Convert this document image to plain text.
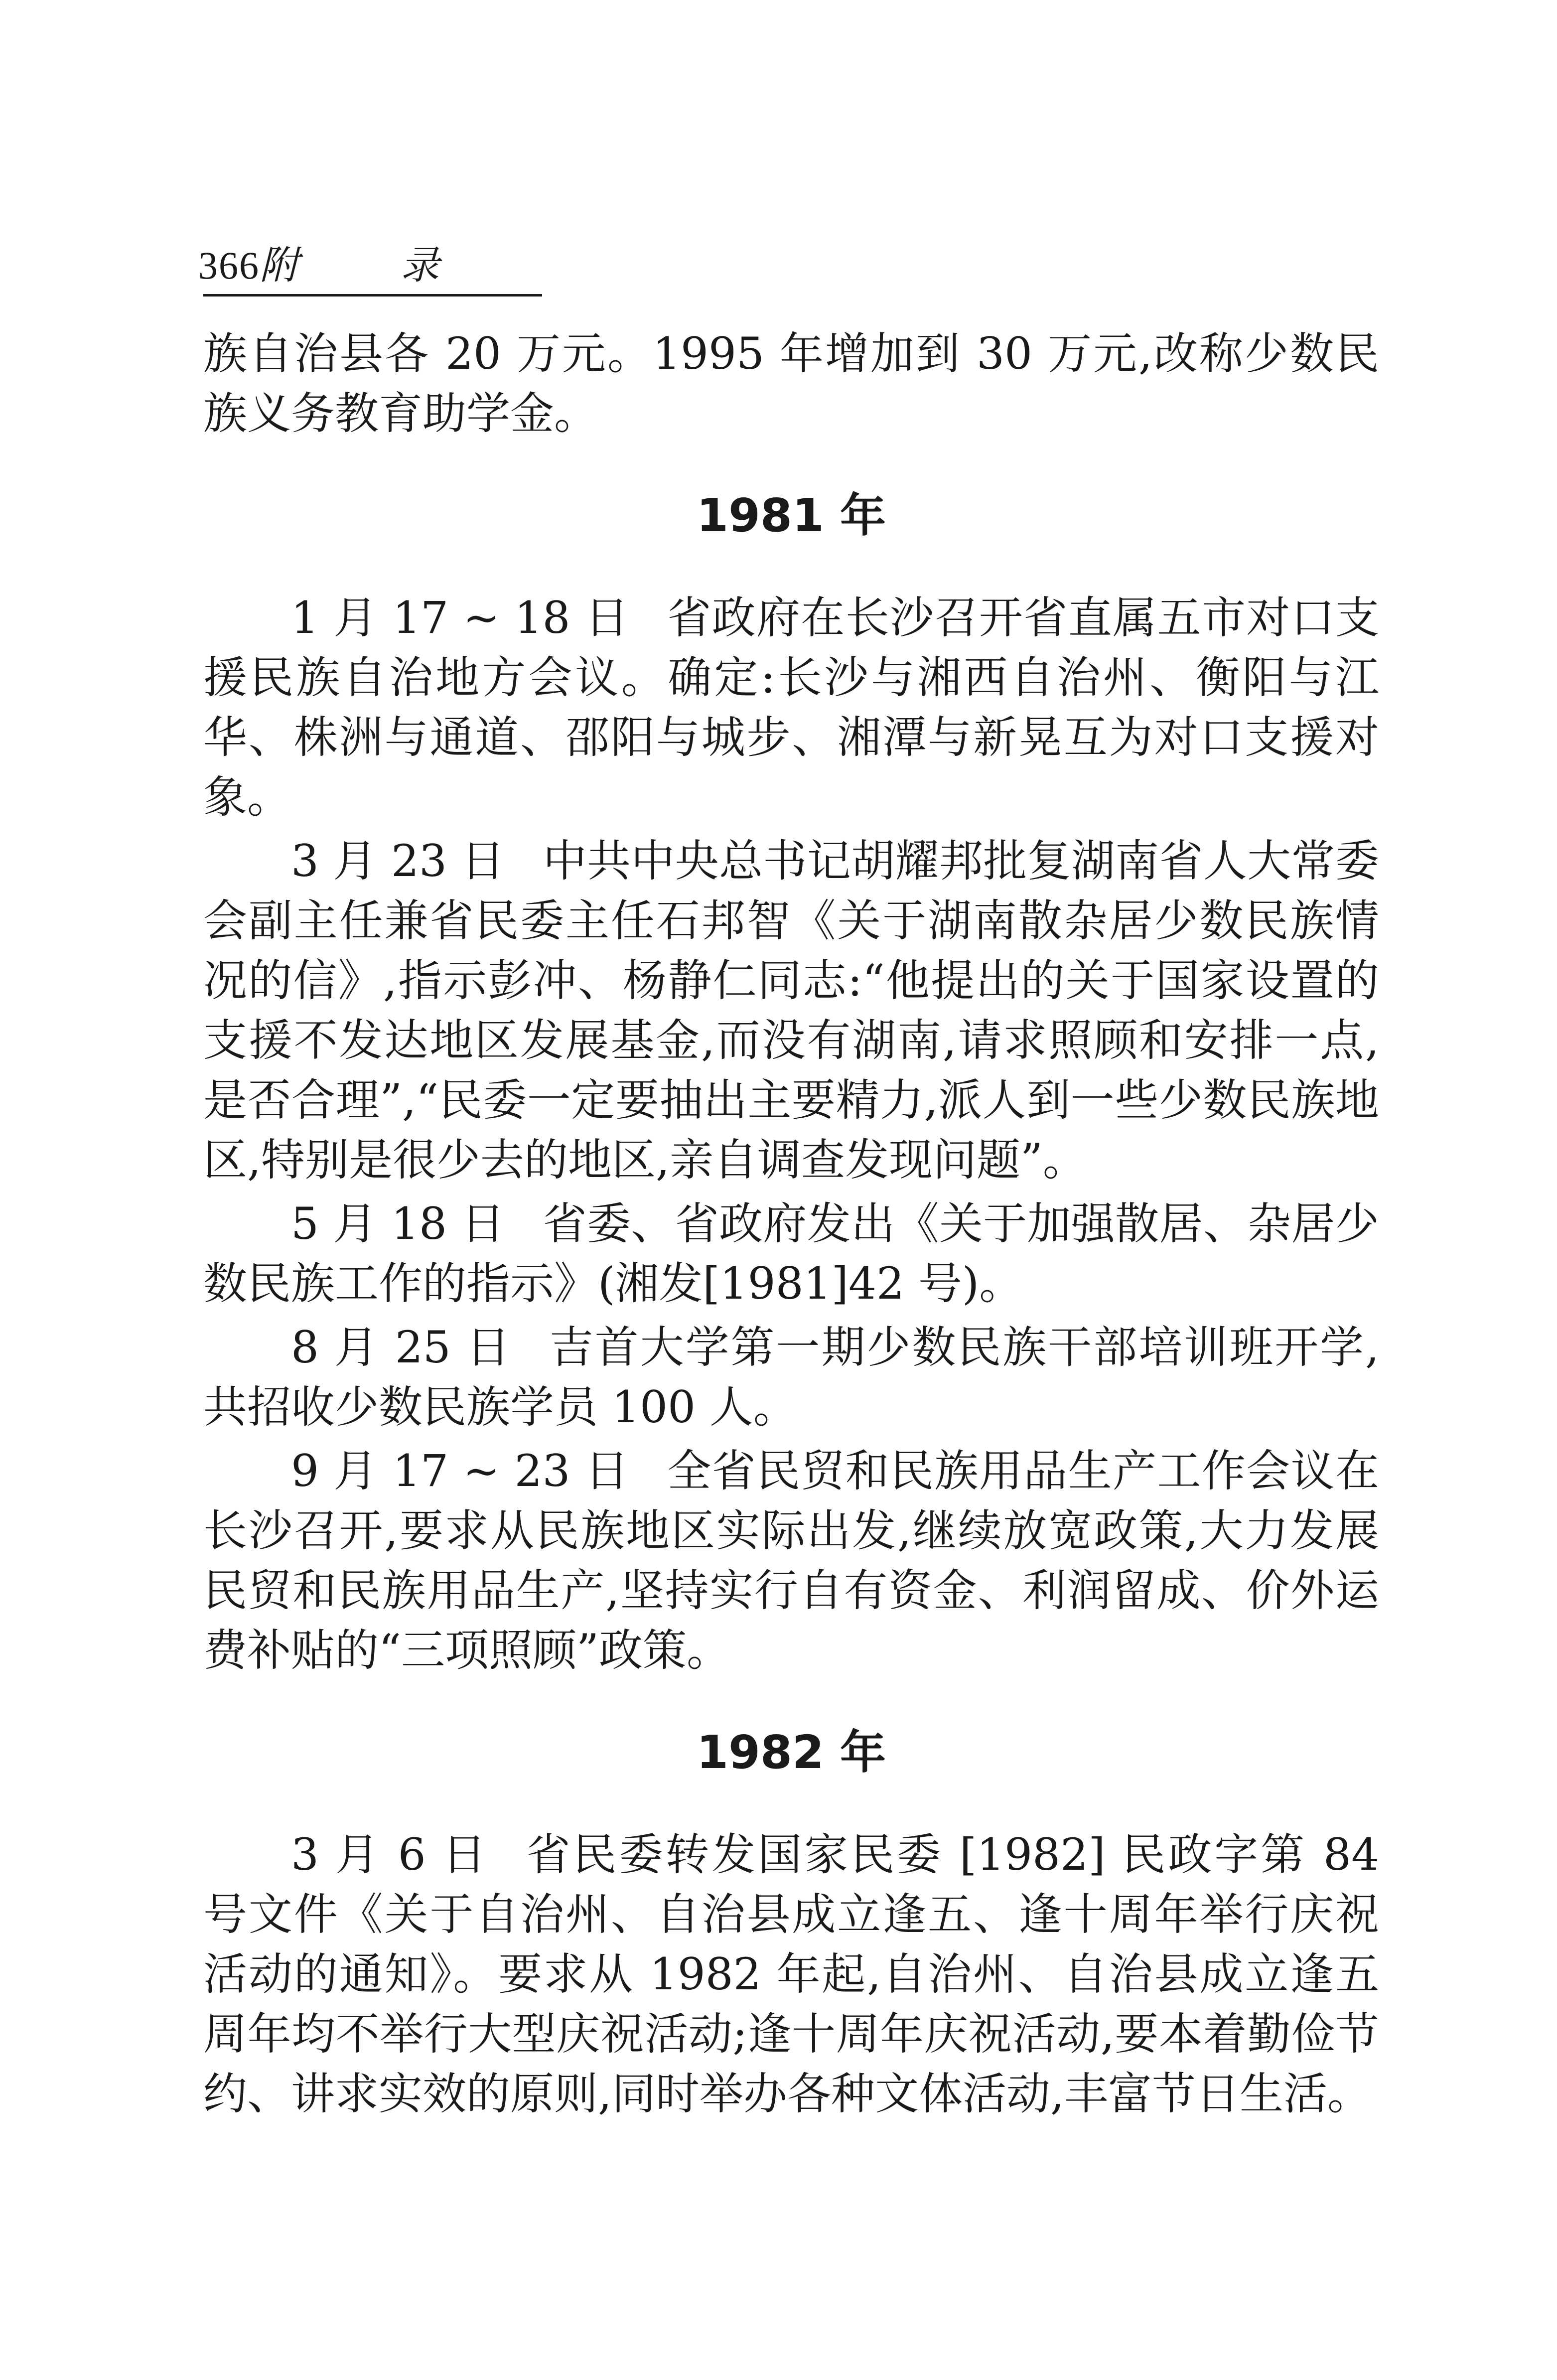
366附 录

族自治县各 20 万元。1995 年增加到 30 万元,改称少数民族义务教育助学金。

1981 年

1 月 17 ~ 18 日 省政府在长沙召开省直属五市对口支援民族自治地方会议。确定:长沙与湘西自治州、衡阳与江华、株洲与通道、邵阳与城步、湘潭与新晃互为对口支援对象。

3 月 23 日 中共中央总书记胡耀邦批复湖南省人大常委会副主任兼省民委主任石邦智《关于湖南散杂居少数民族情况的信》,指示彭冲、杨静仁同志:“他提出的关于国家设置的支援不发达地区发展基金,而没有湖南,请求照顾和安排一点,是否合理”,“民委一定要抽出主要精力,派人到一些少数民族地区,特别是很少去的地区,亲自调查发现问题”。

5 月 18 日 省委、省政府发出《关于加强散居、杂居少数民族工作的指示》(湘发[1981]42 号)。

8 月 25 日 吉首大学第一期少数民族干部培训班开学,共招收少数民族学员 100 人。

9 月 17 ~ 23 日 全省民贸和民族用品生产工作会议在长沙召开,要求从民族地区实际出发,继续放宽政策,大力发展民贸和民族用品生产,坚持实行自有资金、利润留成、价外运费补贴的“三项照顾”政策。

1982 年

3 月 6 日 省民委转发国家民委 [1982] 民政字第 84 号文件《关于自治州、自治县成立逢五、逢十周年举行庆祝活动的通知》。要求从 1982 年起,自治州、自治县成立逢五周年均不举行大型庆祝活动;逢十周年庆祝活动,要本着勤俭节约、讲求实效的原则,同时举办各种文体活动,丰富节日生活。
